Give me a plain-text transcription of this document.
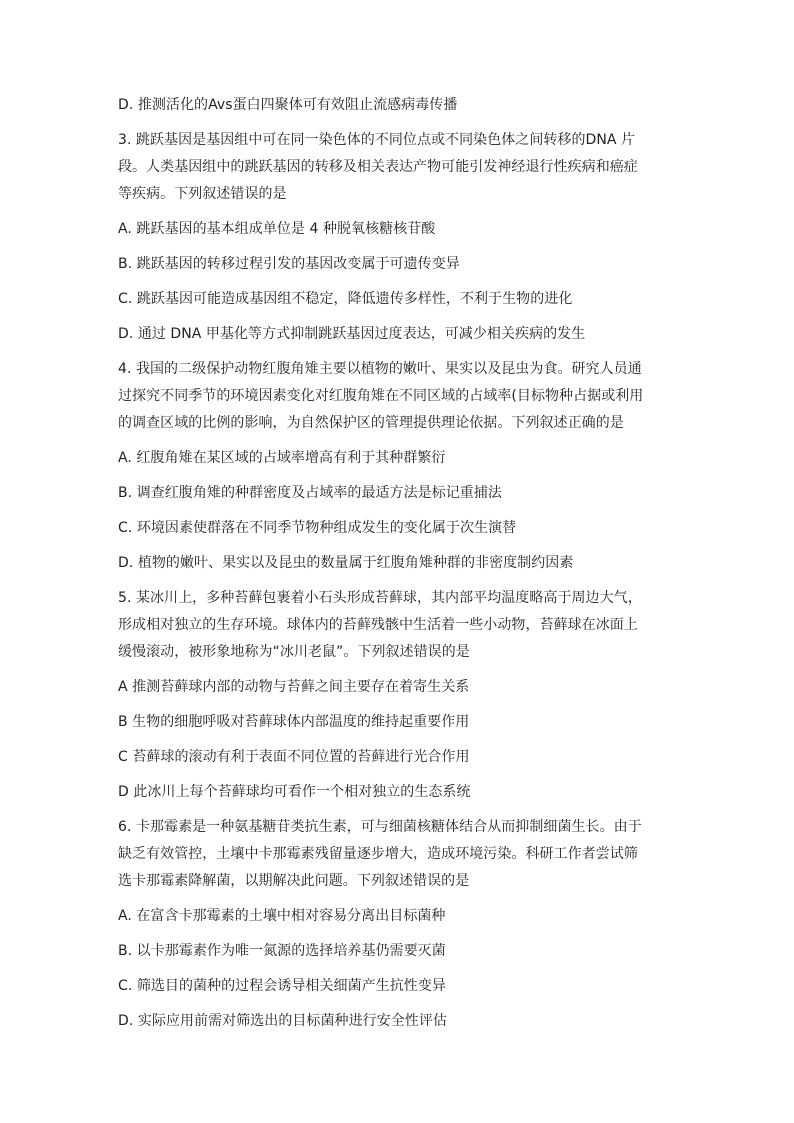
D. 推测活化的Avs蛋白四聚体可有效阻止流感病毒传播
3. 跳跃基因是基因组中可在同一染色体的不同位点或不同染色体之间转移的DNA 片
段。人类基因组中的跳跃基因的转移及相关表达产物可能引发神经退行性疾病和癌症
等疾病。下列叙述错误的是
A. 跳跃基因的基本组成单位是 4 种脱氧核糖核苷酸
B. 跳跃基因的转移过程引发的基因改变属于可遗传变异
C. 跳跃基因可能造成基因组不稳定，降低遗传多样性，不利于生物的进化
D. 通过 DNA 甲基化等方式抑制跳跃基因过度表达，可减少相关疾病的发生
4. 我国的二级保护动物红腹角雉主要以植物的嫩叶、果实以及昆虫为食。研究人员通
过探究不同季节的环境因素变化对红腹角雉在不同区域的占域率(目标物种占据或利用
的调查区域的比例的影响，为自然保护区的管理提供理论依据。下列叙述正确的是
A. 红腹角雉在某区域的占域率增高有利于其种群繁衍
B. 调查红腹角雉的种群密度及占域率的最适方法是标记重捕法
C. 环境因素使群落在不同季节物种组成发生的变化属于次生演替
D. 植物的嫩叶、果实以及昆虫的数量属于红腹角雉种群的非密度制约因素
5. 某冰川上，多种苔藓包裹着小石头形成苔藓球，其内部平均温度略高于周边大气，
形成相对独立的生存环境。球体内的苔藓残骸中生活着一些小动物，苔藓球在冰面上
缓慢滚动，被形象地称为“冰川老鼠”。下列叙述错误的是
A 推测苔藓球内部的动物与苔藓之间主要存在着寄生关系
B 生物的细胞呼吸对苔藓球体内部温度的维持起重要作用
C 苔藓球的滚动有利于表面不同位置的苔藓进行光合作用
D 此冰川上每个苔藓球均可看作一个相对独立的生态系统
6. 卡那霉素是一种氨基糖苷类抗生素，可与细菌核糖体结合从而抑制细菌生长。由于
缺乏有效管控，土壤中卡那霉素残留量逐步增大，造成环境污染。科研工作者尝试筛
选卡那霉素降解菌，以期解决此问题。下列叙述错误的是
A. 在富含卡那霉素的土壤中相对容易分离出目标菌种
B. 以卡那霉素作为唯一氮源的选择培养基仍需要灭菌
C. 筛选目的菌种的过程会诱导相关细菌产生抗性变异
D. 实际应用前需对筛选出的目标菌种进行安全性评估
